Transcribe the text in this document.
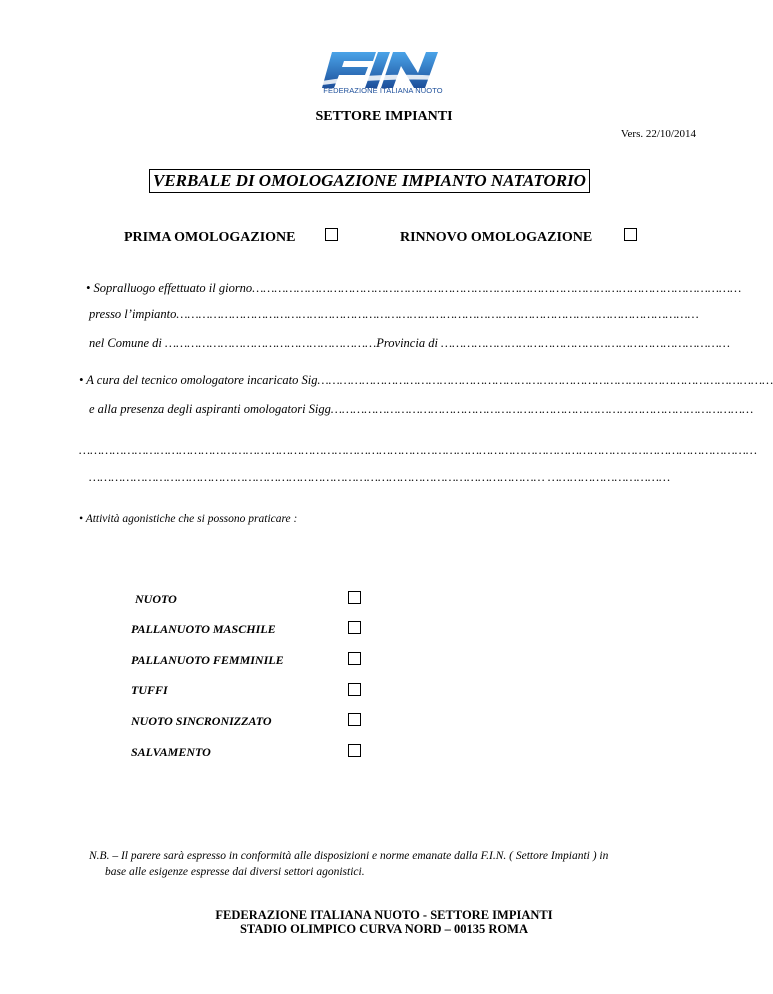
FEDERAZIONE ITALIANA NUOTO
SETTORE IMPIANTI
Vers. 22/10/2014
VERBALE DI OMOLOGAZIONE IMPIANTO NATATORIO
PRIMA OMOLOGAZIONE	RINNOVO OMOLOGAZIONE
• Sopralluogo effettuato il giorno……………………………………………………………………………………………………………………
presso l’impianto……………………………………………………………………………………………………………………………
nel Comune di …………………………………………………Provincia di ……………………………………………………………………
• A cura del tecnico omologatore incaricato Sig……………………………………………………………………………………………………………
e alla presenza degli aspiranti omologatori Sigg……………………………………………………………………………………………………
…………………………………………………………………………………………………………………………………………………………………
…………………………………………………………………………………………………………… ……………………………
• Attività agonistiche che si possono praticare :
NUOTO
PALLANUOTO MASCHILE
PALLANUOTO FEMMINILE
TUFFI
NUOTO SINCRONIZZATO
SALVAMENTO
N.B. – Il parere sarà espresso in conformità alle disposizioni e norme emanate dalla F.I.N. ( Settore Impianti ) in
base alle esigenze espresse dai diversi settori agonistici.
FEDERAZIONE ITALIANA NUOTO - SETTORE IMPIANTI
STADIO OLIMPICO CURVA NORD – 00135 ROMA
